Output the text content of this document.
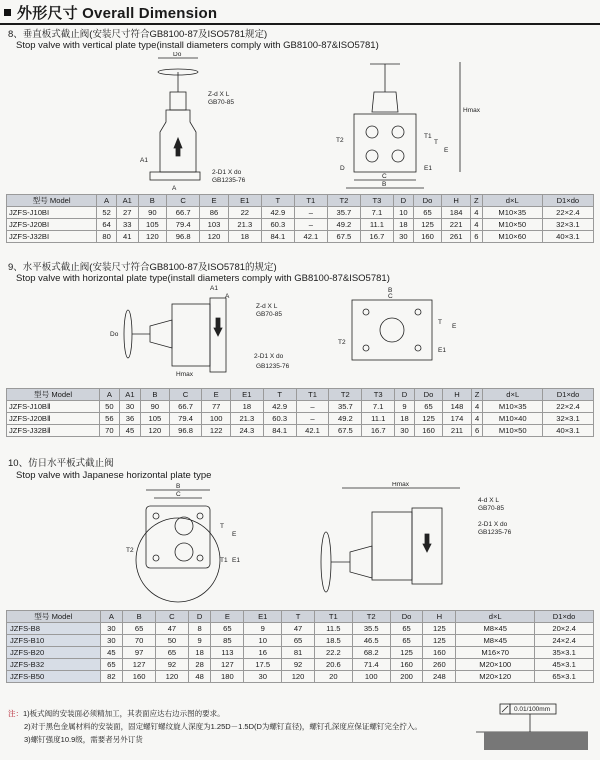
外形尺寸 Overall Dimension
8、垂直板式截止阀(安装尺寸符合GB8100-87及ISO5781规定)
Stop valve with vertical plate type(install diameters comply with GB8100-87&ISO5781)
Do
Z-d X L
GB70-85
2-D1 X do
GB1235-76
A1
A
Hmax
T2
T1
T
E
E1
C
B
D
型号 Model	A	A1	B	C	E	E1	T	T1	T2	T3	D	Do	H	Z	d×L	D1×do
JZFS-J10BI	52	27	90	66.7	86	22	42.9	–	35.7	7.1	10	65	184	4	M10×35	22×2.4
JZFS-J20BI	64	33	105	79.4	103	21.3	60.3	–	49.2	11.1	18	125	221	4	M10×50	32×3.1
JZFS-J32BI	80	41	120	96.8	120	18	84.1	42.1	67.5	16.7	30	160	261	6	M10×60	40×3.1
9、水平板式截止阀(安装尺寸符合GB8100-87及ISO5781的规定)
Stop valve with horizontal plate type(install diameters comply with GB8100-87&ISO5781)
A1
A
Z-d X L
GB70-85
Do
2-D1 X do
GB1235-76
Hmax
B
C
T
E
T2
E1
型号 Model	A	A1	B	C	E	E1	T	T1	T2	T3	D	Do	H	Z	d×L	D1×do
JZFS-J10BⅡ	50	30	90	66.7	77	18	42.9	–	35.7	7.1	9	65	148	4	M10×35	22×2.4
JZFS-J20BⅡ	56	36	105	79.4	100	21.3	60.3	–	49.2	11.1	18	125	174	4	M10×40	32×3.1
JZFS-J32BⅡ	70	45	120	96.8	122	24.3	84.1	42.1	67.5	16.7	30	160	211	6	M10×50	40×3.1
10、仿日水平板式截止阀
Stop valve with Japanese horizontal plate type
B
C
T2
T
E
T1 E1
Hmax
4-d X L
GB70-85
2-D1 X do
GB1235-76
型号 Model	A	B	C	D	E	E1	T	T1	T2	Do	H	d×L	D1×do
JZFS-B8	30	65	47	8	65	9	47	11.5	35.5	65	125	M8×45	20×2.4
JZFS-B10	30	70	50	9	85	10	65	18.5	46.5	65	125	M8×45	24×2.4
JZFS-B20	45	97	65	18	113	16	81	22.2	68.2	125	160	M16×70	35×3.1
JZFS-B32	65	127	92	28	127	17.5	92	20.6	71.4	160	260	M20×100	45×3.1
JZFS-B50	82	160	120	48	180	30	120	20	100	200	248	M20×120	65×3.1
注：1)板式阀的安装面必须精加工，其表面应达右边示图的要求。
2)对于黑色金属材料的安装面，固定螺钉螺纹旋人深度为1.25D－1.5D(D为螺钉直径)，螺钉孔深度应保证螺钉完全拧入。
3)螺钉强度10.9级，需要者另外订货
0.01/100mm
